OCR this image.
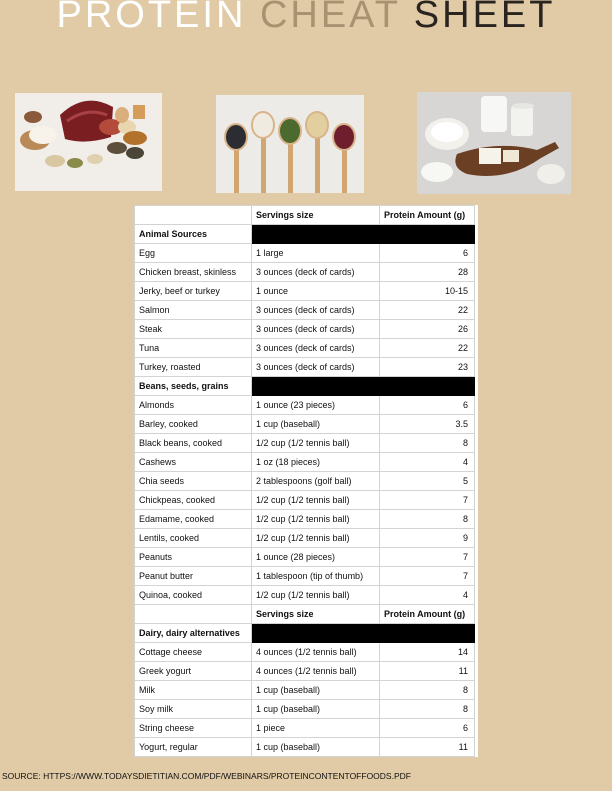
PROTEIN CHEAT SHEET
	Servings size	Protein Amount (g)
Animal Sources		
Egg	1 large	6
Chicken breast, skinless	3 ounces (deck of cards)	28
Jerky, beef or turkey	1 ounce	10-15
Salmon	3 ounces (deck of cards)	22
Steak	3 ounces (deck of cards)	26
Tuna	3 ounces (deck of cards)	22
Turkey, roasted	3 ounces (deck of cards)	23
Beans, seeds, grains		
Almonds	1 ounce (23 pieces)	6
Barley, cooked	1 cup (baseball)	3.5
Black beans, cooked	1/2 cup (1/2 tennis ball)	8
Cashews	1 oz (18 pieces)	4
Chia seeds	2 tablespoons (golf ball)	5
Chickpeas, cooked	1/2 cup (1/2 tennis ball)	7
Edamame, cooked	1/2 cup (1/2 tennis ball)	8
Lentils, cooked	1/2 cup (1/2 tennis ball)	9
Peanuts	1 ounce (28 pieces)	7
Peanut butter	1 tablespoon (tip of thumb)	7
Quinoa, cooked	1/2 cup (1/2 tennis ball)	4
	Servings size	Protein Amount (g)
Dairy, dairy alternatives		
Cottage cheese	4 ounces (1/2 tennis ball)	14
Greek yogurt	4 ounces (1/2 tennis ball)	11
Milk	1 cup (baseball)	8
Soy milk	1 cup (baseball)	8
String cheese	1 piece	6
Yogurt, regular	1 cup (baseball)	11
SOURCE: HTTPS://WWW.TODAYSDIETITIAN.COM/PDF/WEBINARS/PROTEINCONTENTOFFOODS.PDF
